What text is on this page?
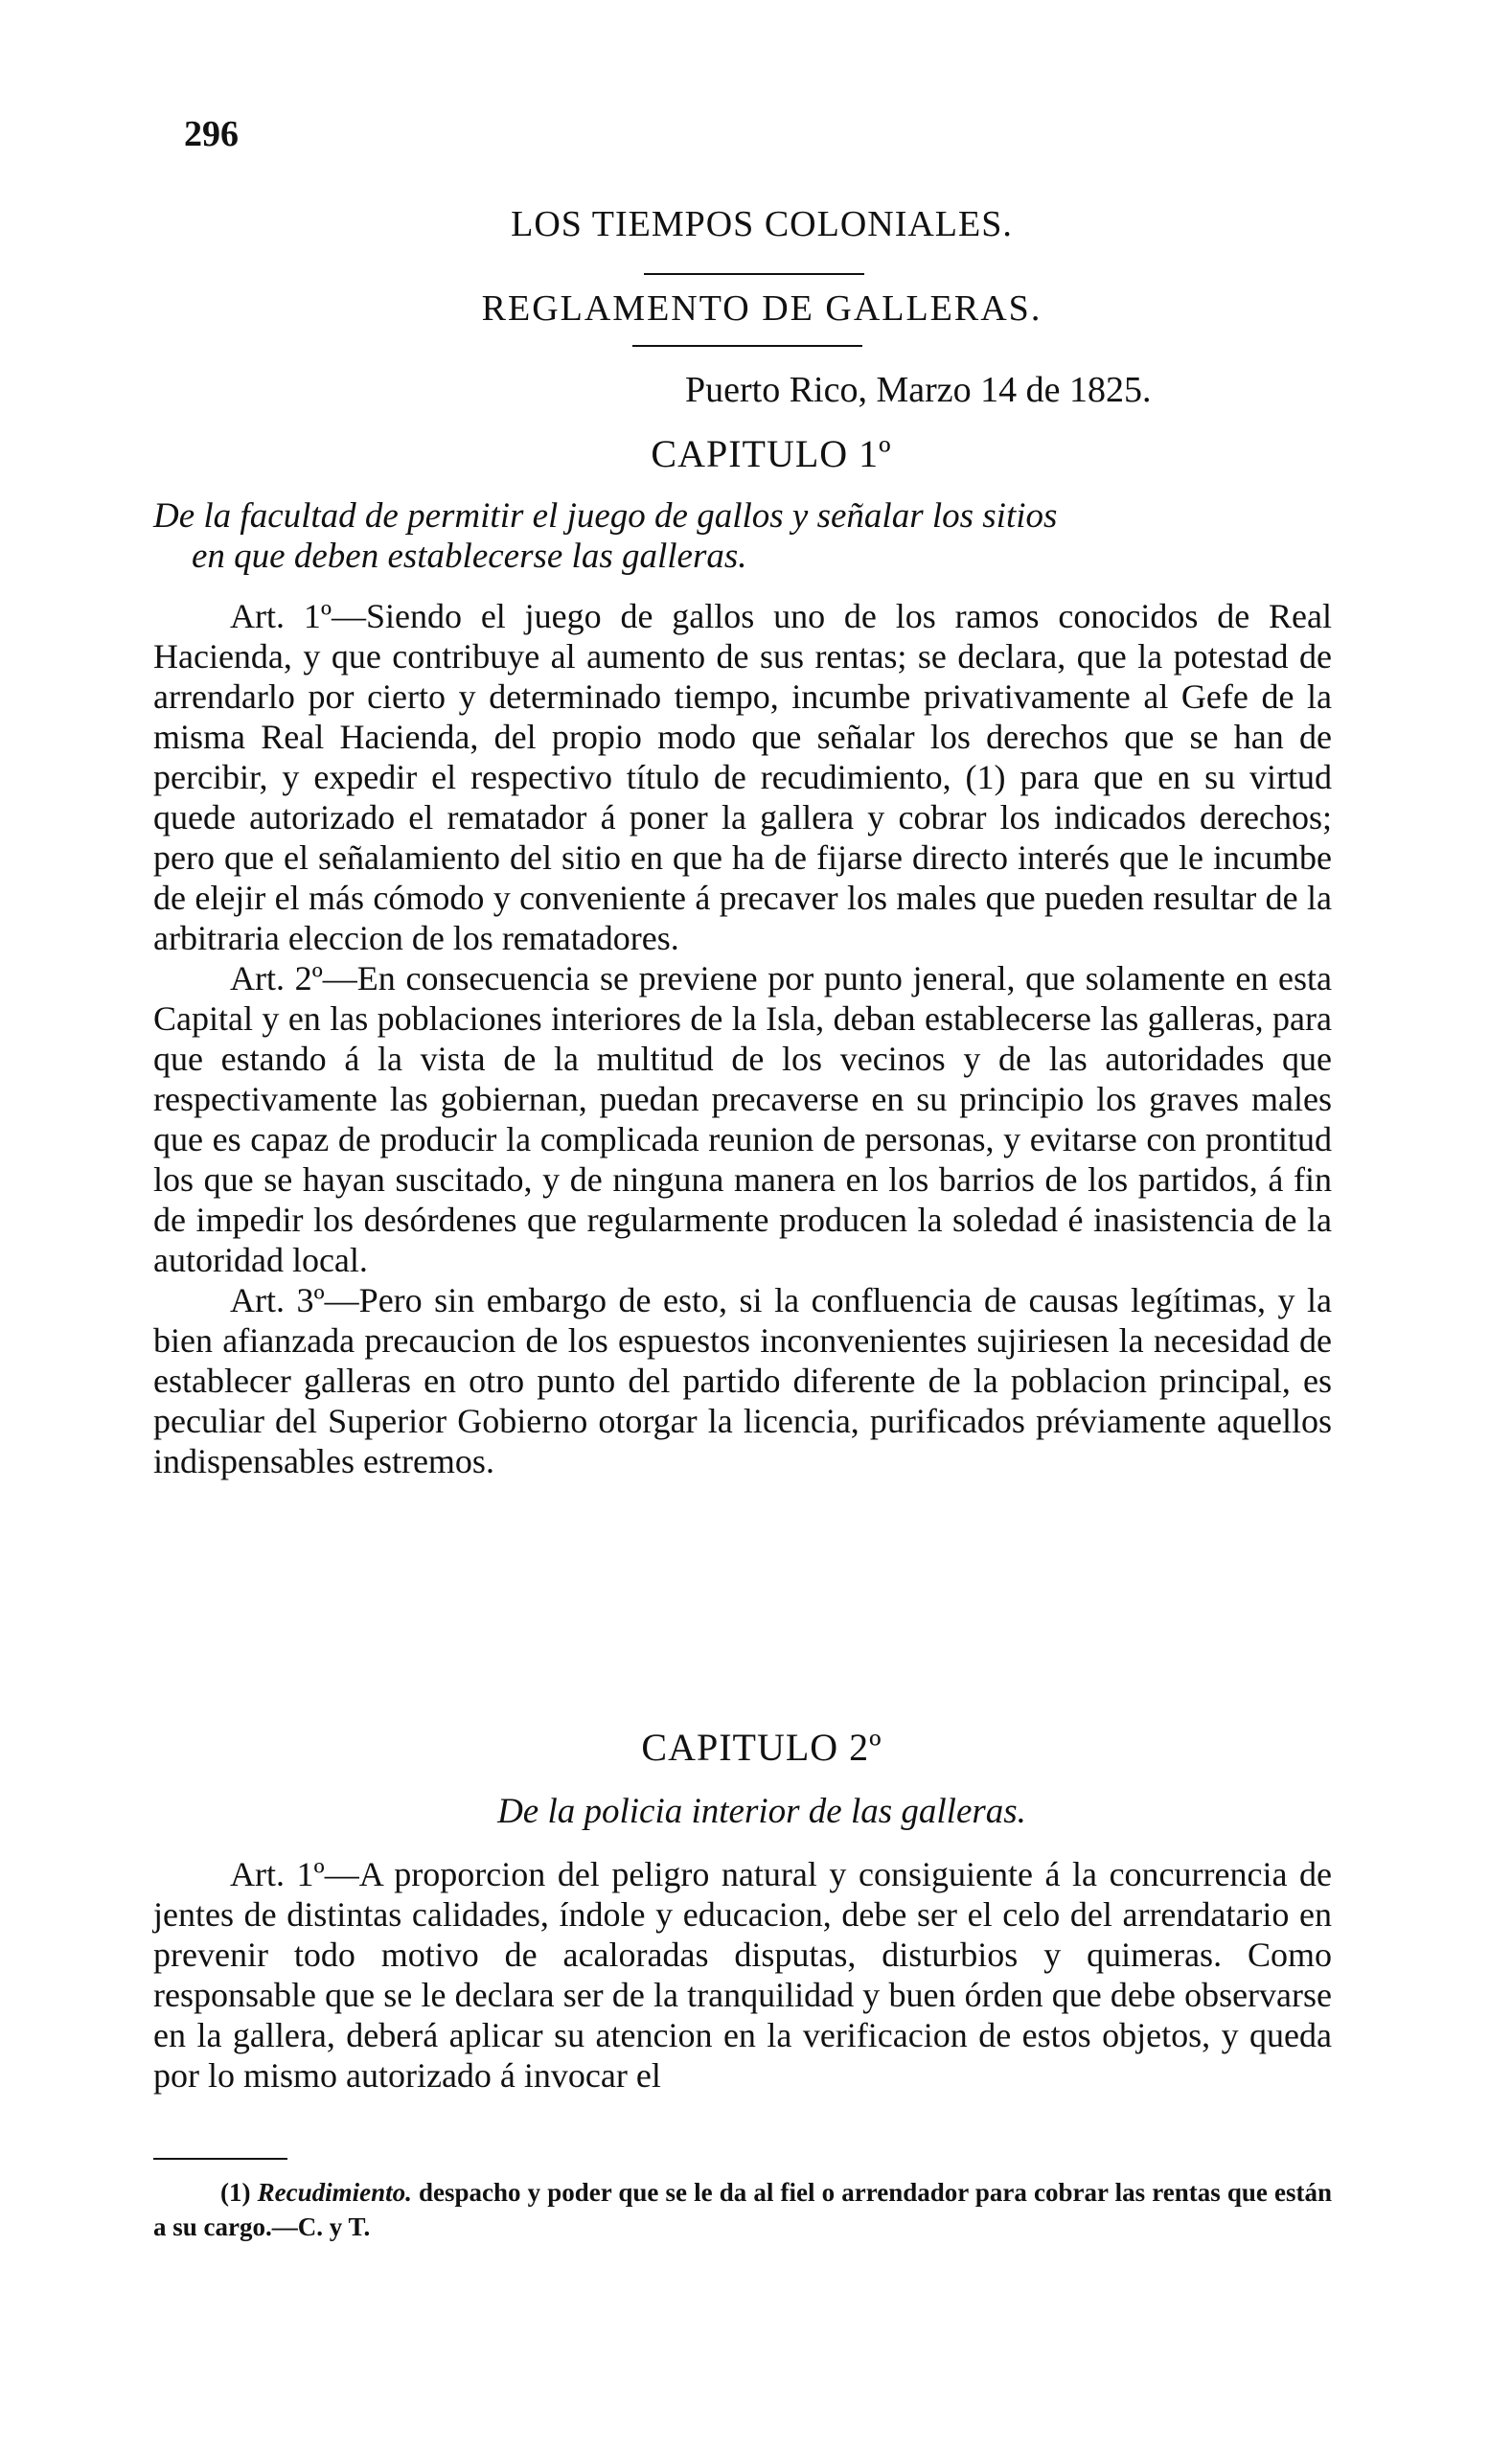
296
LOS TIEMPOS COLONIALES.
REGLAMENTO DE GALLERAS.
Puerto Rico, Marzo 14 de 1825.
CAPITULO 1º
De la facultad de permitir el juego de gallos y señalar los sitios
en que deben establecerse las galleras.

Art. 1º—Siendo el juego de gallos uno de los ramos conocidos de Real Hacienda, y que contribuye al aumento de sus rentas; se declara, que la potestad de arrendarlo por cierto y determinado tiempo, incumbe privativamente al Gefe de la misma Real Hacienda, del propio modo que señalar los derechos que se han de percibir, y expedir el respectivo título de recudimiento, (1) para que en su virtud quede autorizado el rematador á poner la gallera y cobrar los indicados derechos; pero que el señalamiento del sitio en que ha de fijarse directo interés que le incumbe de elejir el más cómodo y conveniente á precaver los males que pueden resultar de la arbitraria eleccion de los rematadores.

Art. 2º—En consecuencia se previene por punto jeneral, que solamente en esta Capital y en las poblaciones interiores de la Isla, deban establecerse las galleras, para que estando á la vista de la multitud de los vecinos y de las autoridades que respectivamente las gobiernan, puedan precaverse en su principio los graves males que es capaz de producir la complicada reunion de personas, y evitarse con prontitud los que se hayan suscitado, y de ninguna manera en los barrios de los partidos, á fin de impedir los desórdenes que regularmente producen la soledad é inasistencia de la autoridad local.

Art. 3º—Pero sin embargo de esto, si la confluencia de causas legítimas, y la bien afianzada precaucion de los espuestos inconvenientes sujiriesen la necesidad de establecer galleras en otro punto del partido diferente de la poblacion principal, es peculiar del Superior Gobierno otorgar la licencia, purificados préviamente aquellos indispensables estremos.

CAPITULO 2º
De la policia interior de las galleras.

Art. 1º—A proporcion del peligro natural y consiguiente á la concurrencia de jentes de distintas calidades, índole y educacion, debe ser el celo del arrendatario en prevenir todo motivo de acaloradas disputas, disturbios y quimeras. Como responsable que se le declara ser de la tranquilidad y buen órden que debe observarse en la gallera, deberá aplicar su atencion en la verificacion de estos objetos, y queda por lo mismo autorizado á invocar el

(1) Recudimiento. despacho y poder que se le da al fiel o arrendador para cobrar las rentas que están a su cargo.—C. y T.
